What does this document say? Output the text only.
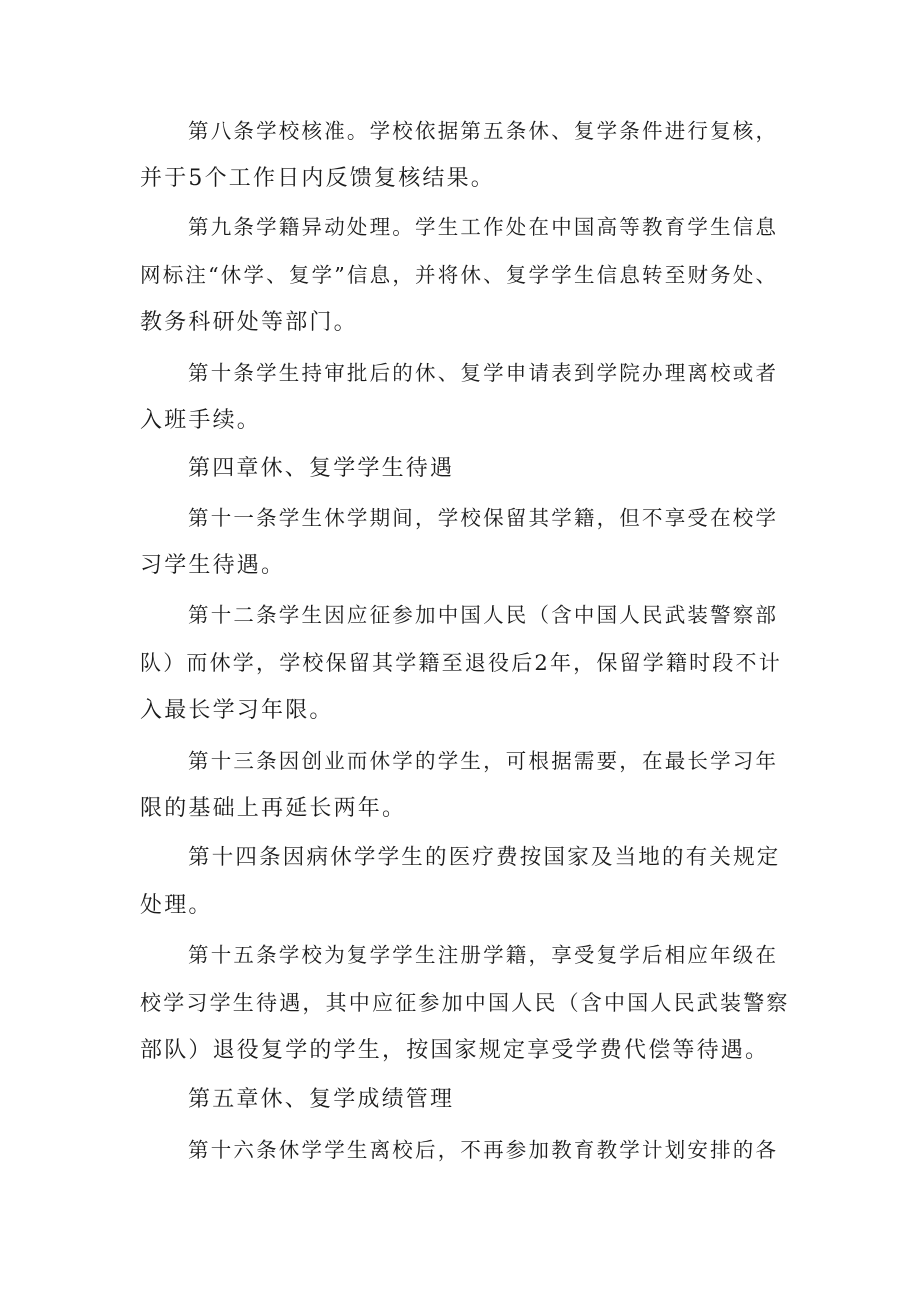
第八条学校核准。学校依据第五条休、复学条件进行复核，
并于5个工作日内反馈复核结果。
第九条学籍异动处理。学生工作处在中国高等教育学生信息
网标注“休学、复学”信息，并将休、复学学生信息转至财务处、
教务科研处等部门。
第十条学生持审批后的休、复学申请表到学院办理离校或者
入班手续。
第四章休、复学学生待遇
第十一条学生休学期间，学校保留其学籍，但不享受在校学
习学生待遇。
第十二条学生因应征参加中国人民（含中国人民武装警察部
队）而休学，学校保留其学籍至退役后2年，保留学籍时段不计
入最长学习年限。
第十三条因创业而休学的学生，可根据需要，在最长学习年
限的基础上再延长两年。
第十四条因病休学学生的医疗费按国家及当地的有关规定
处理。
第十五条学校为复学学生注册学籍，享受复学后相应年级在
校学习学生待遇，其中应征参加中国人民（含中国人民武装警察
部队）退役复学的学生，按国家规定享受学费代偿等待遇。
第五章休、复学成绩管理
第十六条休学学生离校后，不再参加教育教学计划安排的各
